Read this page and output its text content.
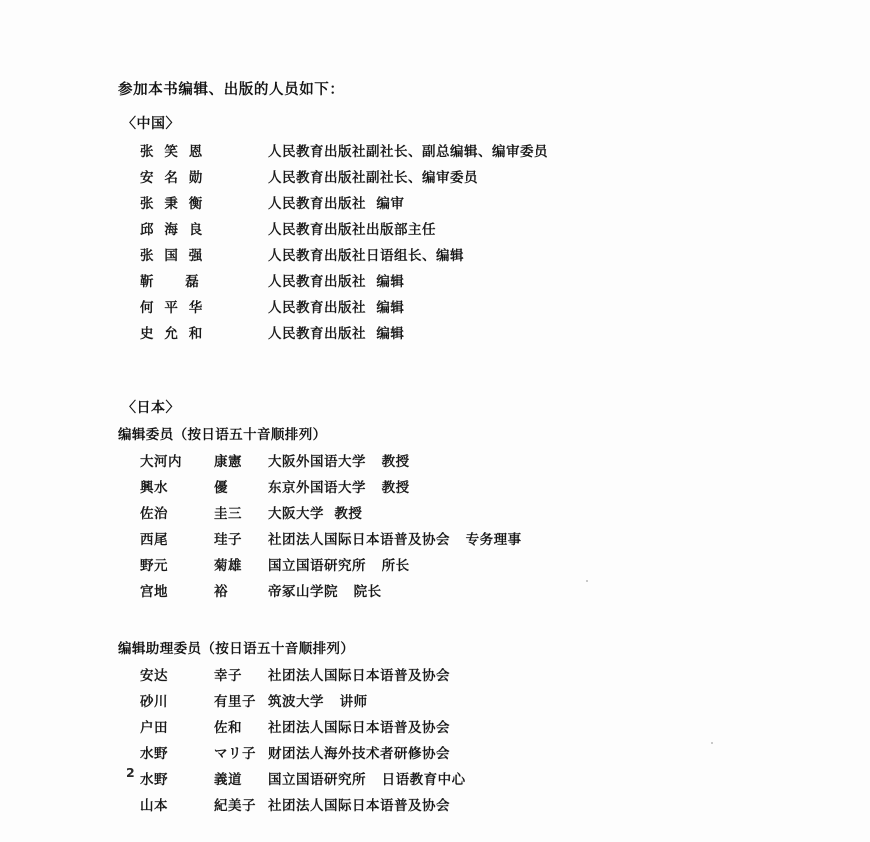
参加本书编辑、出版的人员如下：
〈中国〉
张  笑  恩	人民教育出版社副社长、副总编辑、编审委员
安  名  勋	人民教育出版社副社长、编审委员
张  秉  衡	人民教育出版社  编审
邱  海  良	人民教育出版社出版部主任
张  国  强	人民教育出版社日语组长、编辑
靳      磊	人民教育出版社  编辑
何  平  华	人民教育出版社  编辑
史  允  和	人民教育出版社  编辑
〈日本〉
编辑委员（按日语五十音顺排列）
大河内 康憲	大阪外国语大学   教授
興水	優	东京外国语大学   教授
佐治	圭三	大阪大学  教授
西尾	珪子	社团法人国际日本语普及协会   专务理事
野元	菊雄	国立国语研究所   所长
宫地	裕	帝冢山学院   院长
编辑助理委员（按日语五十音顺排列）
安达	幸子	社团法人国际日本语普及协会
砂川	有里子 筑波大学   讲师
户田	佐和	社团法人国际日本语普及协会
水野	マリ子 财团法人海外技术者研修协会
水野	義道	国立国语研究所   日语教育中心
山本	紀美子 社团法人国际日本语普及协会
2
